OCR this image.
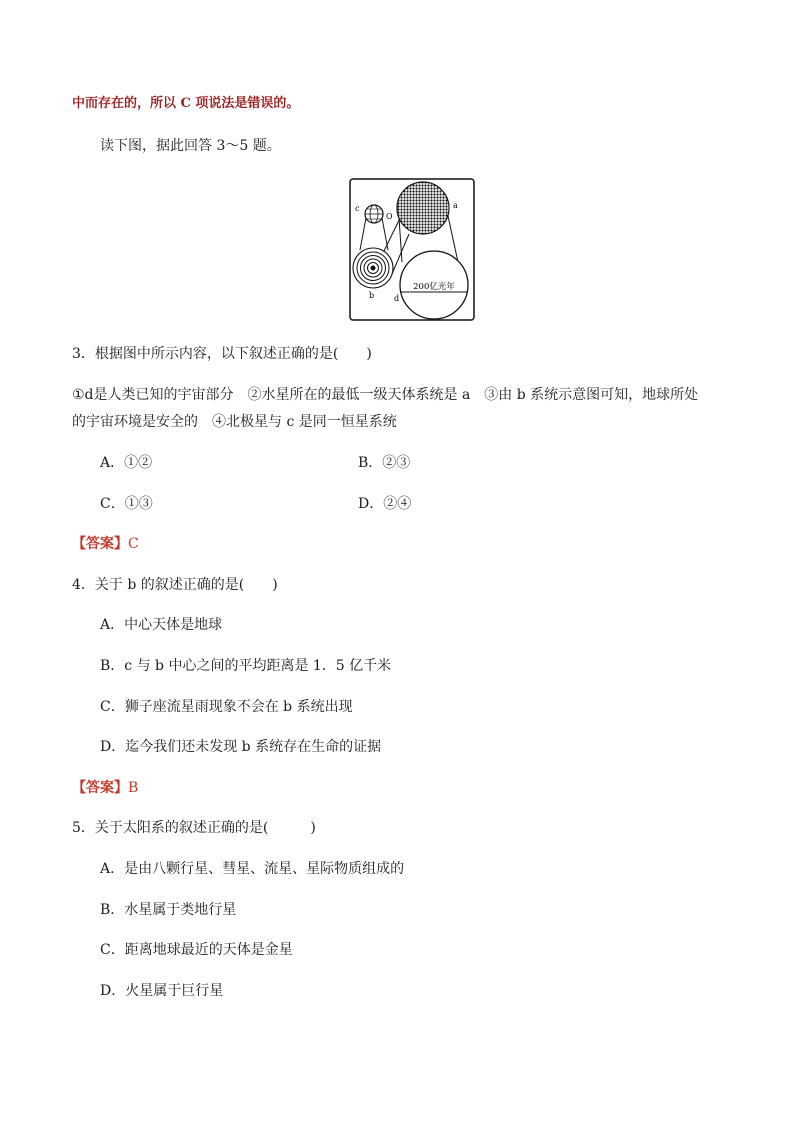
中而存在的，所以 C 项说法是错误的。
读下图，据此回答 3～5 题。
c
O
a
b d
200亿光年
3．根据图中所示内容，以下叙述正确的是(　　)
①d是人类已知的宇宙部分　②水星所在的最低一级天体系统是 a　③由 b 系统示意图可知，地球所处
的宇宙环境是安全的　④北极星与 c 是同一恒星系统
A．①②	B．②③
C．①③	D．②④
【答案】C
4．关于 b 的叙述正确的是(　　)
A．中心天体是地球
B．c 与 b 中心之间的平均距离是 1．5 亿千米
C．狮子座流星雨现象不会在 b 系统出现
D．迄今我们还未发现 b 系统存在生命的证据
【答案】B
5．关于太阳系的叙述正确的是(　　　)
A．是由八颗行星、彗星、流星、星际物质组成的
B．水星属于类地行星
C．距离地球最近的天体是金星
D．火星属于巨行星
